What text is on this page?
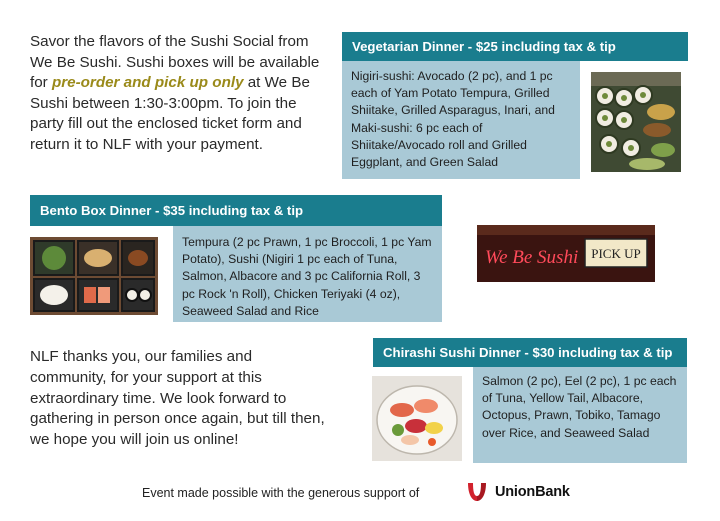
Savor the flavors of the Sushi Social from We Be Sushi. Sushi boxes will be available for pre-order and pick up only at We Be Sushi between 1:30-3:00pm. To join the party fill out the enclosed ticket form and return it to NLF with your payment.
Vegetarian Dinner - $25 including tax & tip
Nigiri-sushi: Avocado (2 pc), and 1 pc each of Yam Potato Tempura, Grilled Shiitake, Grilled Asparagus, Inari, and Maki-sushi: 6 pc each of Shiitake/Avocado roll and Grilled Eggplant, and Green Salad
Bento Box Dinner - $35 including tax & tip
Tempura (2 pc Prawn, 1 pc Broccoli, 1 pc Yam Potato), Sushi (Nigiri 1 pc each of Tuna, Salmon, Albacore and 3 pc California Roll, 3 pc Rock 'n Roll), Chicken Teriyaki (4 oz), Seaweed Salad and Rice
We Be Sushi PICK UP
NLF thanks you, our families and community, for your support at this extraordinary time. We look forward to gathering in person once again, but till then, we hope you will join us online!
Chirashi Sushi Dinner - $30 including tax & tip
Salmon (2 pc), Eel (2 pc), 1 pc each of Tuna, Yellow Tail, Albacore, Octopus, Prawn, Tobiko, Tamago over Rice, and Seaweed Salad
Event made possible with the generous support of	UnionBank
